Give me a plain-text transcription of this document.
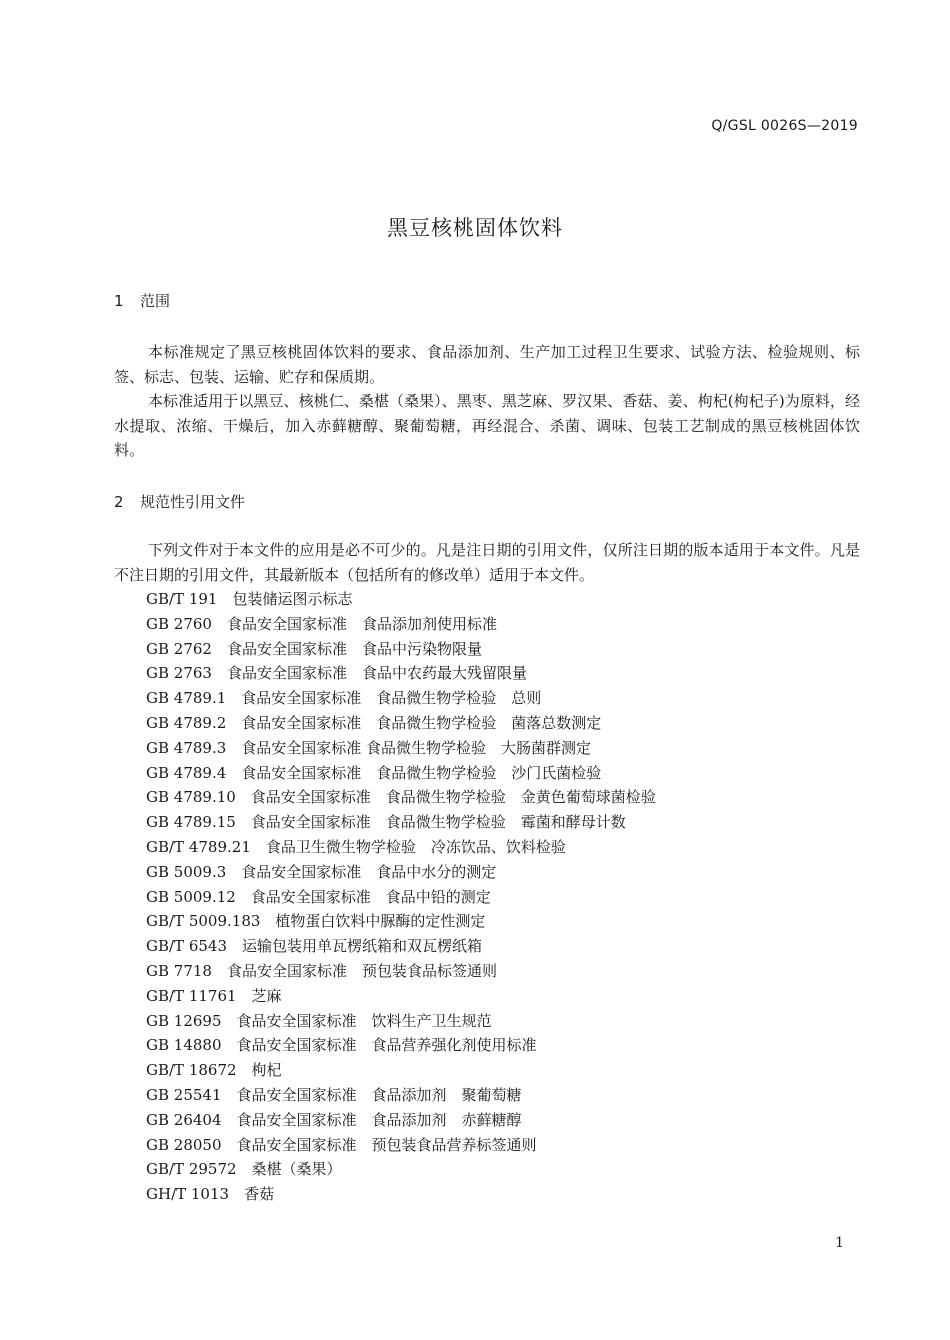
Q/GSL 0026S—2019
黑豆核桃固体饮料
1 范围
本标准规定了黑豆核桃固体饮料的要求、食品添加剂、生产加工过程卫生要求、试验方法、检验规则、标签、标志、包装、运输、贮存和保质期。
本标准适用于以黑豆、核桃仁、桑椹（桑果）、黑枣、黑芝麻、罗汉果、香菇、姜、枸杞(枸杞子)为原料，经水提取、浓缩、干燥后，加入赤藓糖醇、聚葡萄糖，再经混合、杀菌、调味、包装工艺制成的黑豆核桃固体饮料。
2 规范性引用文件
下列文件对于本文件的应用是必不可少的。凡是注日期的引用文件，仅所注日期的版本适用于本文件。凡是不注日期的引用文件，其最新版本（包括所有的修改单）适用于本文件。
GB/T 191　包装储运图示标志
GB 2760　食品安全国家标准　食品添加剂使用标准
GB 2762　食品安全国家标准　食品中污染物限量
GB 2763　食品安全国家标准　食品中农药最大残留限量
GB 4789.1　食品安全国家标准　食品微生物学检验　总则
GB 4789.2　食品安全国家标准　食品微生物学检验　菌落总数测定
GB 4789.3　食品安全国家标准 食品微生物学检验　大肠菌群测定
GB 4789.4　食品安全国家标准　食品微生物学检验　沙门氏菌检验
GB 4789.10　食品安全国家标准　食品微生物学检验　金黄色葡萄球菌检验
GB 4789.15　食品安全国家标准　食品微生物学检验　霉菌和酵母计数
GB/T 4789.21　食品卫生微生物学检验　冷冻饮品、饮料检验
GB 5009.3　食品安全国家标准　食品中水分的测定
GB 5009.12　食品安全国家标准　食品中铅的测定
GB/T 5009.183　植物蛋白饮料中脲酶的定性测定
GB/T 6543　运输包装用单瓦楞纸箱和双瓦楞纸箱
GB 7718　食品安全国家标准　预包装食品标签通则
GB/T 11761　芝麻
GB 12695　食品安全国家标准　饮料生产卫生规范
GB 14880　食品安全国家标准　食品营养强化剂使用标准
GB/T 18672　枸杞
GB 25541　食品安全国家标准　食品添加剂　聚葡萄糖
GB 26404　食品安全国家标准　食品添加剂　赤藓糖醇
GB 28050　食品安全国家标准　预包装食品营养标签通则
GB/T 29572　桑椹（桑果）
GH/T 1013　香菇
1
